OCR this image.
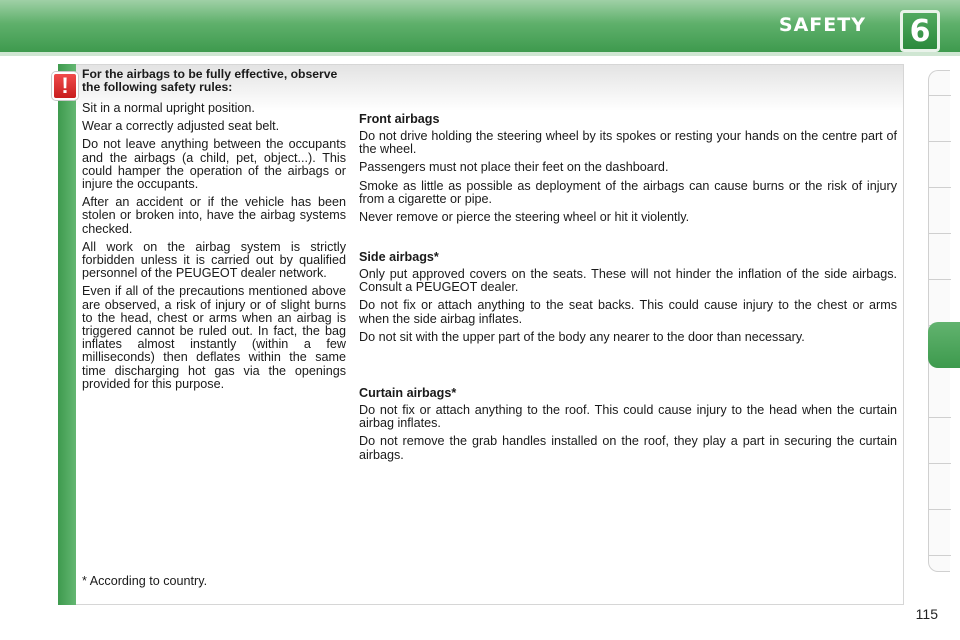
SAFETY	6
!	For the airbags to be fully effective, observe the following safety rules:

Sit in a normal upright position.

Wear a correctly adjusted seat belt.

Do not leave anything between the occupants and the airbags (a child, pet, object...). This could hamper the operation of the airbags or injure the occupants.

After an accident or if the vehicle has been stolen or broken into, have the airbag systems checked.

All work on the airbag system is strictly forbidden unless it is carried out by qualified personnel of the PEUGEOT dealer network.

Even if all of the precautions mentioned above are observed, a risk of injury or of slight burns to the head, chest or arms when an airbag is triggered cannot be ruled out. In fact, the bag inflates almost instantly (within a few milliseconds) then deflates within the same time discharging hot gas via the openings provided for this purpose.

Front airbags

Do not drive holding the steering wheel by its spokes or resting your hands on the centre part of the wheel.

Passengers must not place their feet on the dashboard.

Smoke as little as possible as deployment of the airbags can cause burns or the risk of injury from a cigarette or pipe.

Never remove or pierce the steering wheel or hit it violently.

Side airbags*

Only put approved covers on the seats. These will not hinder the inflation of the side airbags. Consult a PEUGEOT dealer.

Do not fix or attach anything to the seat backs. This could cause injury to the chest or arms when the side airbag inflates.

Do not sit with the upper part of the body any nearer to the door than necessary.

Curtain airbags*

Do not fix or attach anything to the roof. This could cause injury to the head when the curtain airbag inflates.

Do not remove the grab handles installed on the roof, they play a part in securing the curtain airbags.

* According to country.
115
